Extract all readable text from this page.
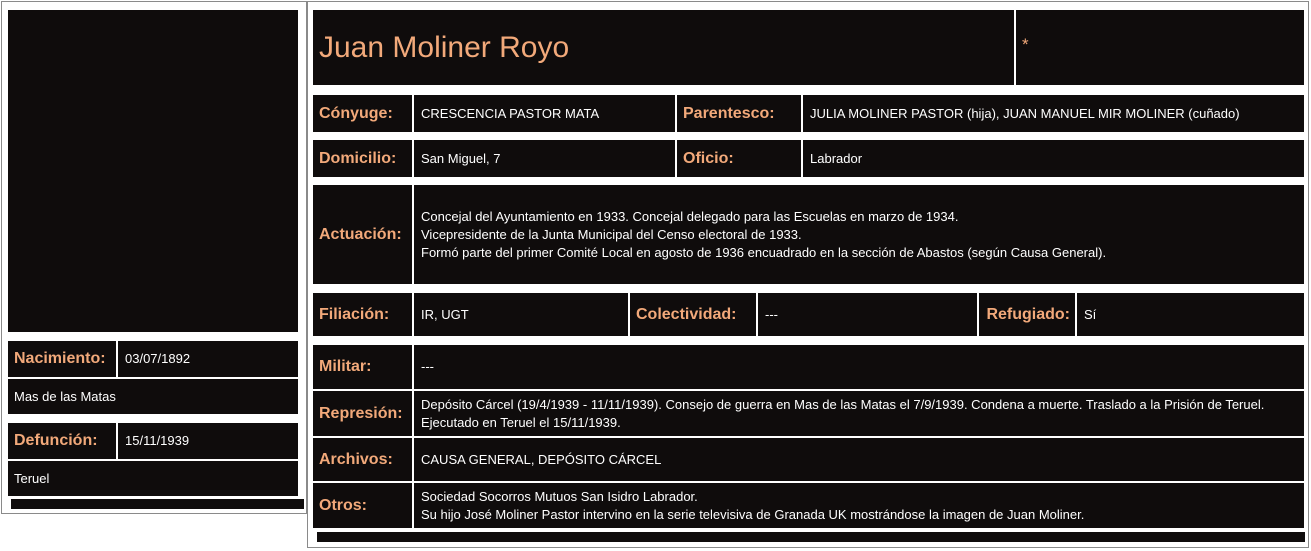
Nacimiento:	03/07/1892
Mas de las Matas
Defunción:	15/11/1939
Teruel
Juan Moliner Royo	*
Cónyuge:	CRESCENCIA PASTOR MATA	Parentesco:	JULIA MOLINER PASTOR (hija), JUAN MANUEL MIR MOLINER (cuñado)
Domicilio:	San Miguel, 7	Oficio:	Labrador
Actuación:
Concejal del Ayuntamiento en 1933. Concejal delegado para las Escuelas en marzo de 1934.
Vicepresidente de la Junta Municipal del Censo electoral de 1933.
Formó parte del primer Comité Local en agosto de 1936 encuadrado en la sección de Abastos (según Causa General).
Filiación:	IR, UGT	Colectividad:	---	Refugiado:	Sí
Militar:	---
Represión:
Depósito Cárcel (19/4/1939 - 11/11/1939). Consejo de guerra en Mas de las Matas el 7/9/1939. Condena a muerte. Traslado a la Prisión de Teruel.
Ejecutado en Teruel el 15/11/1939.
Archivos:	CAUSA GENERAL, DEPÓSITO CÁRCEL
Otros:
Sociedad Socorros Mutuos San Isidro Labrador.
Su hijo José Moliner Pastor intervino en la serie televisiva de Granada UK mostrándose la imagen de Juan Moliner.
